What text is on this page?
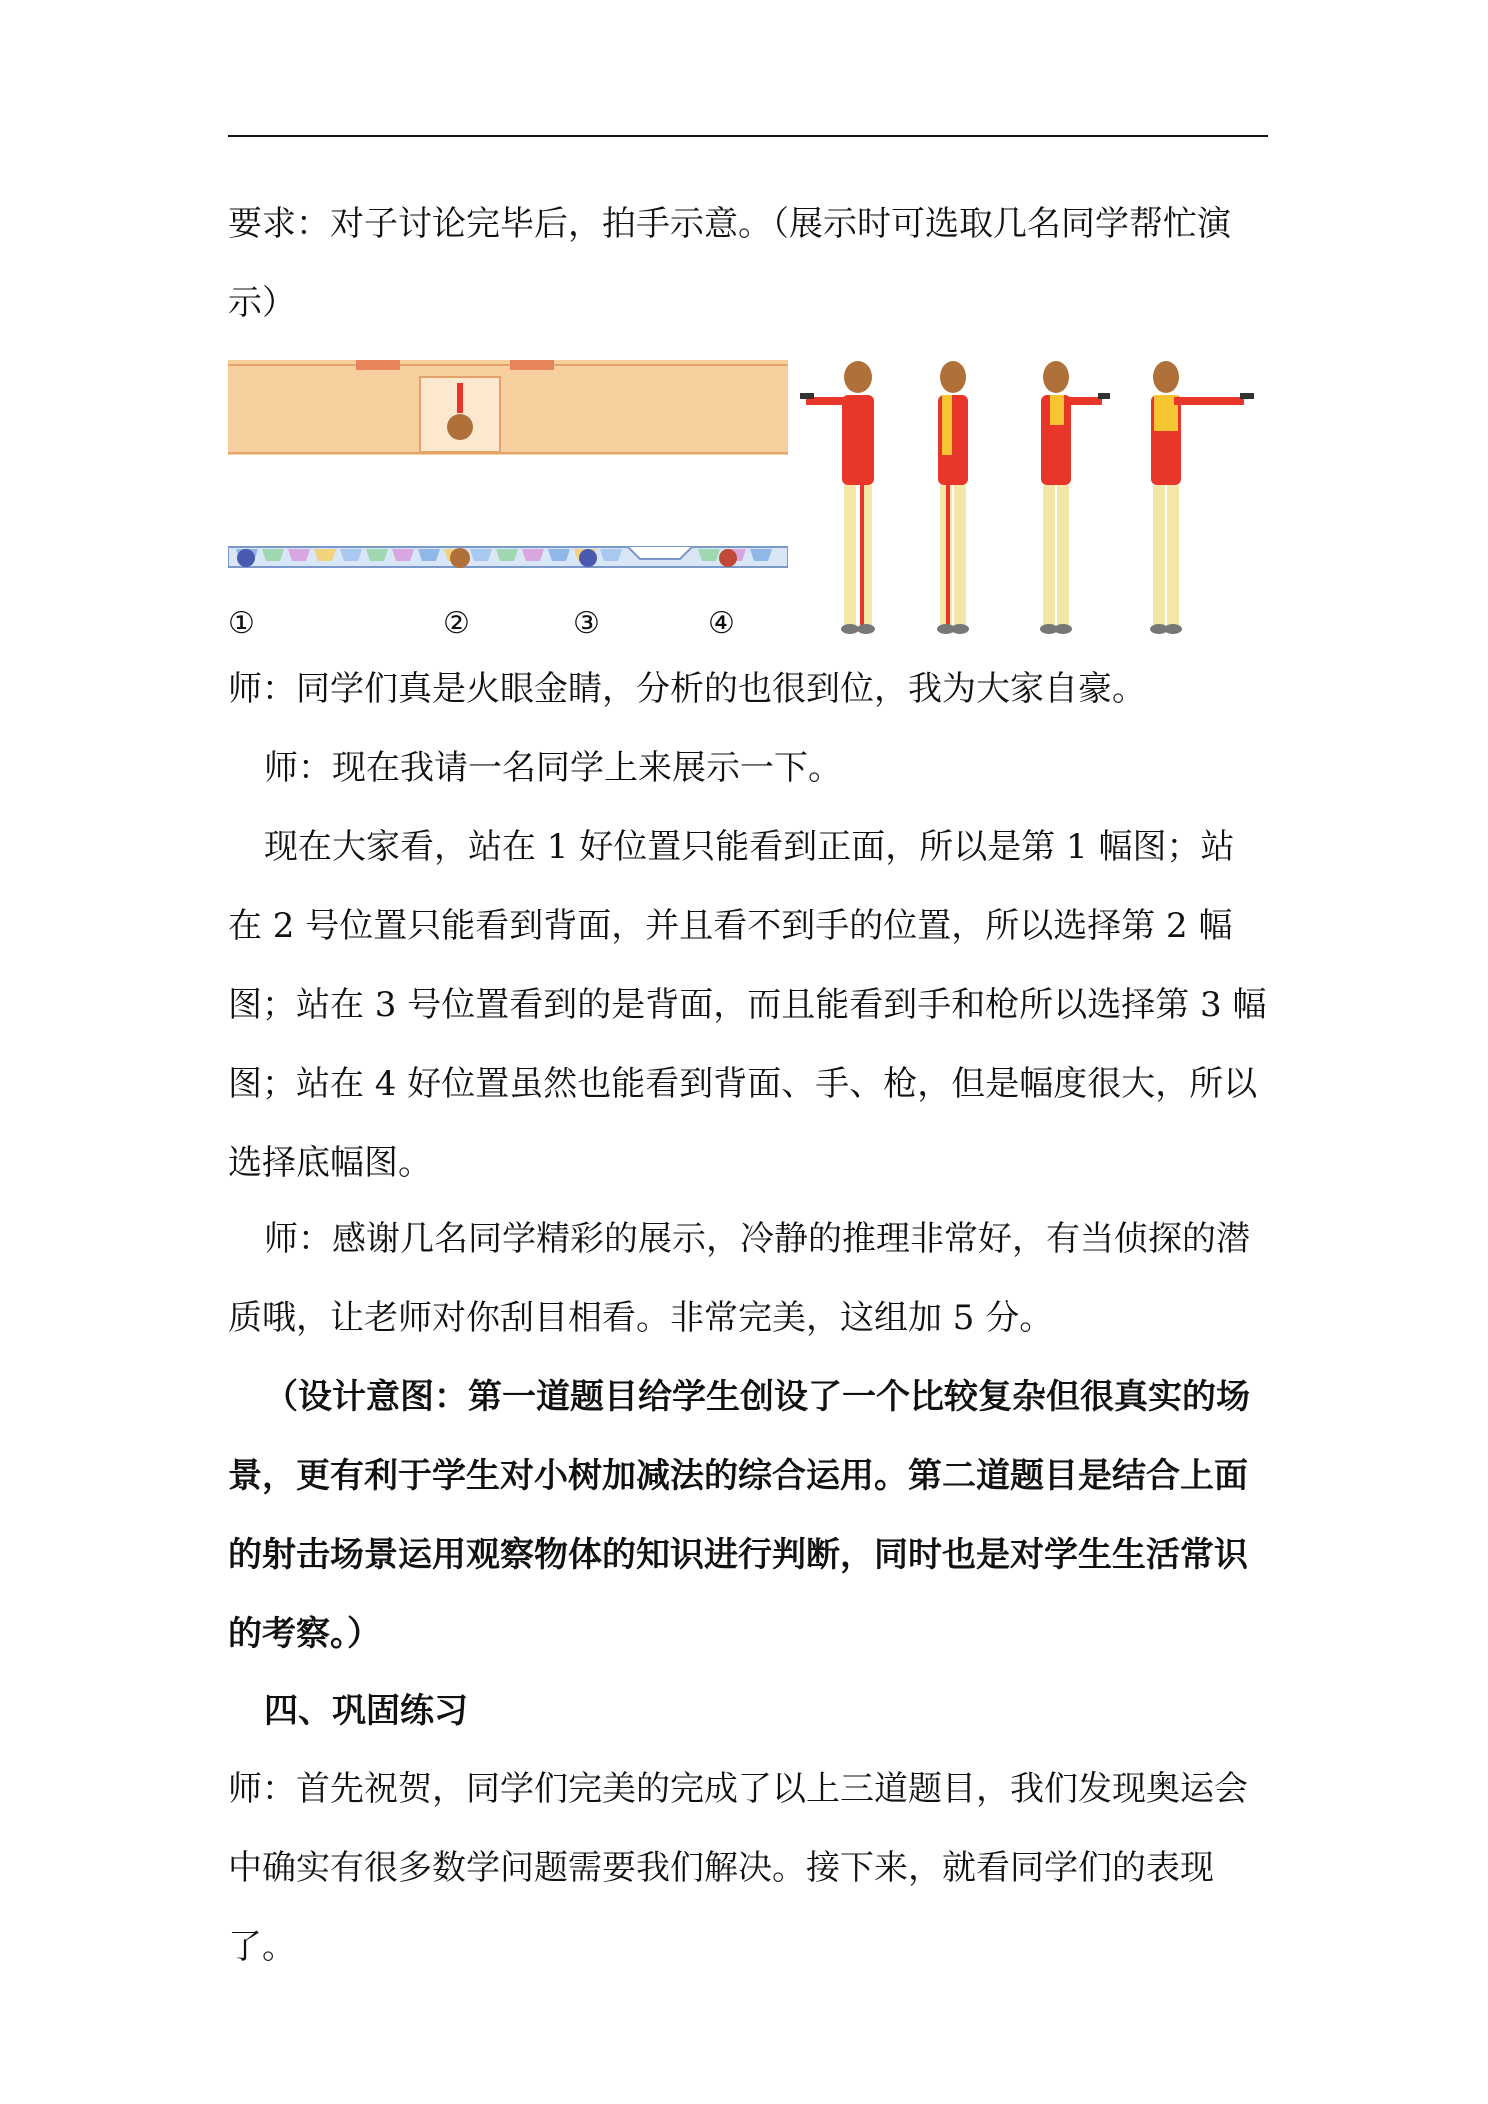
要求：对子讨论完毕后，拍手示意。（展示时可选取几名同学帮忙演示）

①	②	③	④

师：同学们真是火眼金睛，分析的也很到位，我为大家自豪。

师：现在我请一名同学上来展示一下。

现在大家看，站在 1 好位置只能看到正面，所以是第 1 幅图；站在 2 号位置只能看到背面，并且看不到手的位置，所以选择第 2 幅图；站在 3 号位置看到的是背面，而且能看到手和枪所以选择第 3 幅图；站在 4 好位置虽然也能看到背面、手、枪，但是幅度很大，所以选择底幅图。

师：感谢几名同学精彩的展示，冷静的推理非常好，有当侦探的潜质哦，让老师对你刮目相看。非常完美，这组加 5 分。

（设计意图：第一道题目给学生创设了一个比较复杂但很真实的场景，更有利于学生对小树加减法的综合运用。第二道题目是结合上面的射击场景运用观察物体的知识进行判断，同时也是对学生生活常识的考察。）

四、巩固练习

师：首先祝贺，同学们完美的完成了以上三道题目，我们发现奥运会中确实有很多数学问题需要我们解决。接下来，就看同学们的表现了。
